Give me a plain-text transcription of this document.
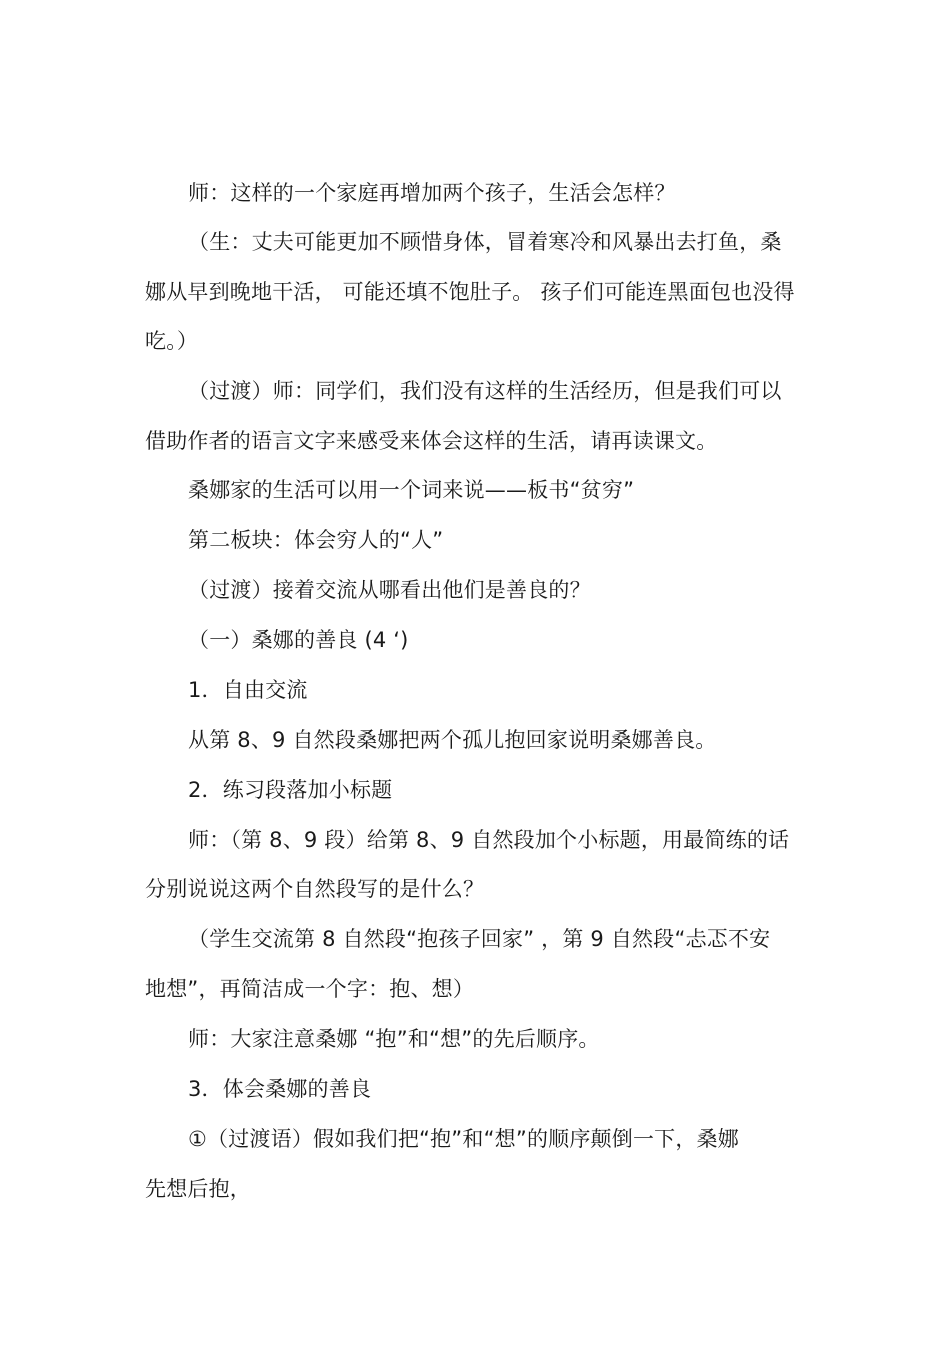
师：这样的一个家庭再增加两个孩子，生活会怎样？
（生：丈夫可能更加不顾惜身体，冒着寒冷和风暴出去打鱼，桑
娜从早到晚地干活， 可能还填不饱肚子。 孩子们可能连黑面包也没得
吃。）
（过渡）师：同学们，我们没有这样的生活经历，但是我们可以
借助作者的语言文字来感受来体会这样的生活，请再读课文。
桑娜家的生活可以用一个词来说——板书“贫穷”
第二板块：体会穷人的“人”
（过渡）接着交流从哪看出他们是善良的？
（一）桑娜的善良 (4 ‘)
1．自由交流
从第 8、9 自然段桑娜把两个孤儿抱回家说明桑娜善良。
2．练习段落加小标题
师：（第 8、9 段）给第 8、9 自然段加个小标题，用最简练的话
分别说说这两个自然段写的是什么？
（学生交流第 8 自然段“抱孩子回家” ，第 9 自然段“忐忑不安
地想”，再简洁成一个字：抱、想）
师：大家注意桑娜 “抱”和“想”的先后顺序。
3．体会桑娜的善良
①（过渡语）假如我们把“抱”和“想”的顺序颠倒一下，桑娜
先想后抱，
